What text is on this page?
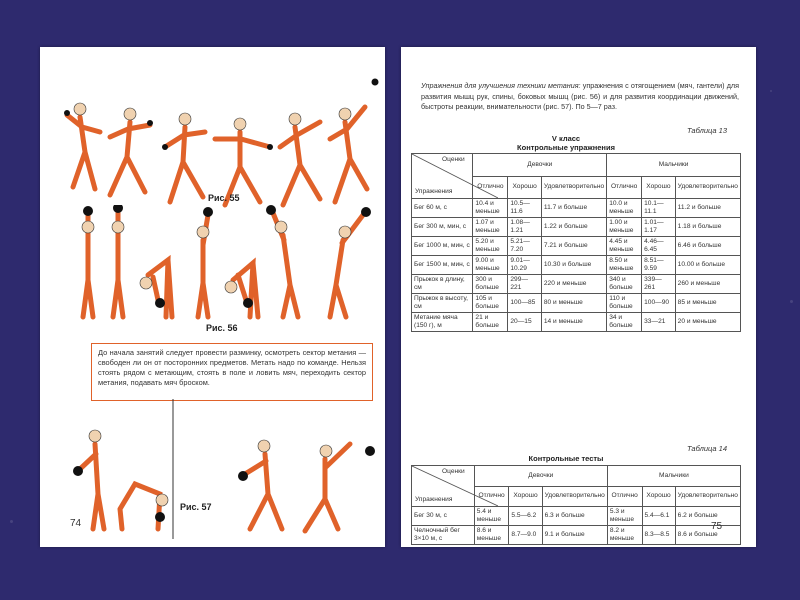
Рис. 55
Рис. 56
До начала занятий следует провести разминку, осмотреть сектор метания — свободен ли он от посторонних предметов. Метать надо по команде. Нельзя стоять рядом с метающим, стоять в поле и ловить мяч, переходить сектор метания, подавать мяч броском.
Рис. 57
74
Упражнения для улучшения техники метания: упражнения с отягощением (мяч, гантели) для развития мышц рук, спины, боковых мышц (рис. 56) и для развития координации движений, быстроты реакции, внимательности (рис. 57). По 5—7 раз.
Таблица 13
V класс
Контрольные упражнения
Оценки
Упражнения	Девочки			Мальчики		
	Отлично	Хорошо	Удовлетворительно	Отлично	Хорошо	Удовлетворительно
Бег 60 м, с	10.4 и меньше	10.5—11.6	11.7 и больше	10.0 и меньше	10.1—11.1	11.2 и больше
Бег 300 м, мин, с	1.07 и меньше	1.08—1.21	1.22 и больше	1.00 и меньше	1.01—1.17	1.18 и больше
Бег 1000 м, мин, с	5.20 и меньше	5.21—7.20	7.21 и больше	4.45 и меньше	4.46—6.45	6.46 и больше
Бег 1500 м, мин, с	9.00 и меньше	9.01—10.29	10.30 и больше	8.50 и меньше	8.51—9.59	10.00 и больше
Прыжок в длину, см	300 и больше	299—221	220 и меньше	340 и больше	339—261	260 и меньше
Прыжок в высоту, см	105 и больше	100—85	80 и меньше	110 и больше	100—90	85 и меньше
Метание мяча (150 г), м	21 и больше	20—15	14 и меньше	34 и больше	33—21	20 и меньше
Таблица 14
Контрольные тесты
Оценки
Упражнения	Девочки			Мальчики		
	Отлично	Хорошо	Удовлетворительно	Отлично	Хорошо	Удовлетворительно
Бег 30 м, с	5.4 и меньше	5.5—6.2	6.3 и больше	5.3 и меньше	5.4—6.1	6.2 и больше
Челночный бег 3×10 м, с	8.6 и меньше	8.7—9.0	9.1 и больше	8.2 и меньше	8.3—8.5	8.6 и больше
75
